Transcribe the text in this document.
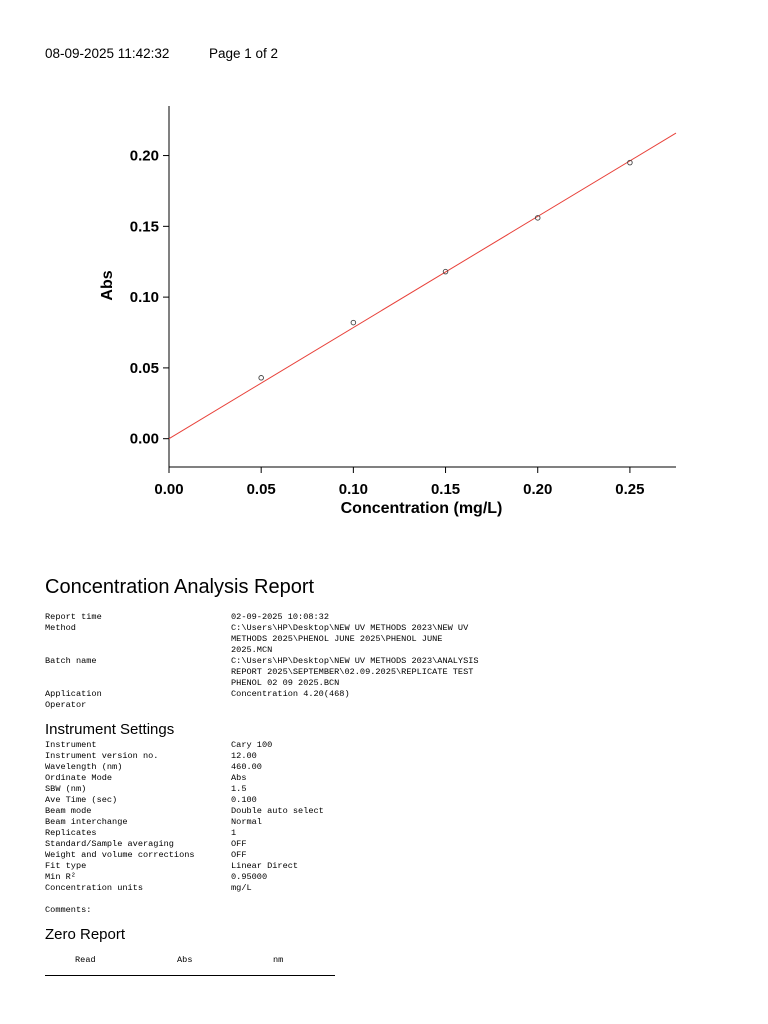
08-09-2025 11:42:32	Page 1 of 2
0.00
0.05
0.10
0.15
0.20
0.00	0.05	0.10	0.15	0.20	0.25
Concentration (mg/L)
Abs
Concentration Analysis Report
Report time	02-09-2025 10:08:32
Method	C:\Users\HP\Desktop\NEW UV METHODS 2023\NEW UV
METHODS 2025\PHENOL JUNE 2025\PHENOL JUNE
2025.MCN
Batch name	C:\Users\HP\Desktop\NEW UV METHODS 2023\ANALYSIS
REPORT 2025\SEPTEMBER\02.09.2025\REPLICATE TEST
PHENOL 02 09 2025.BCN
Application	Concentration 4.20(468)
Operator
Instrument Settings
Instrument	Cary 100
Instrument version no.	12.00
Wavelength (nm)	460.00
Ordinate Mode	Abs
SBW (nm)	1.5
Ave Time (sec)	0.100
Beam mode	Double auto select
Beam interchange	Normal
Replicates	1
Standard/Sample averaging	OFF
Weight and volume corrections	OFF
Fit type	Linear Direct
Min R²	0.95000
Concentration units	mg/L
Comments:
Zero Report
Read	Abs	nm
